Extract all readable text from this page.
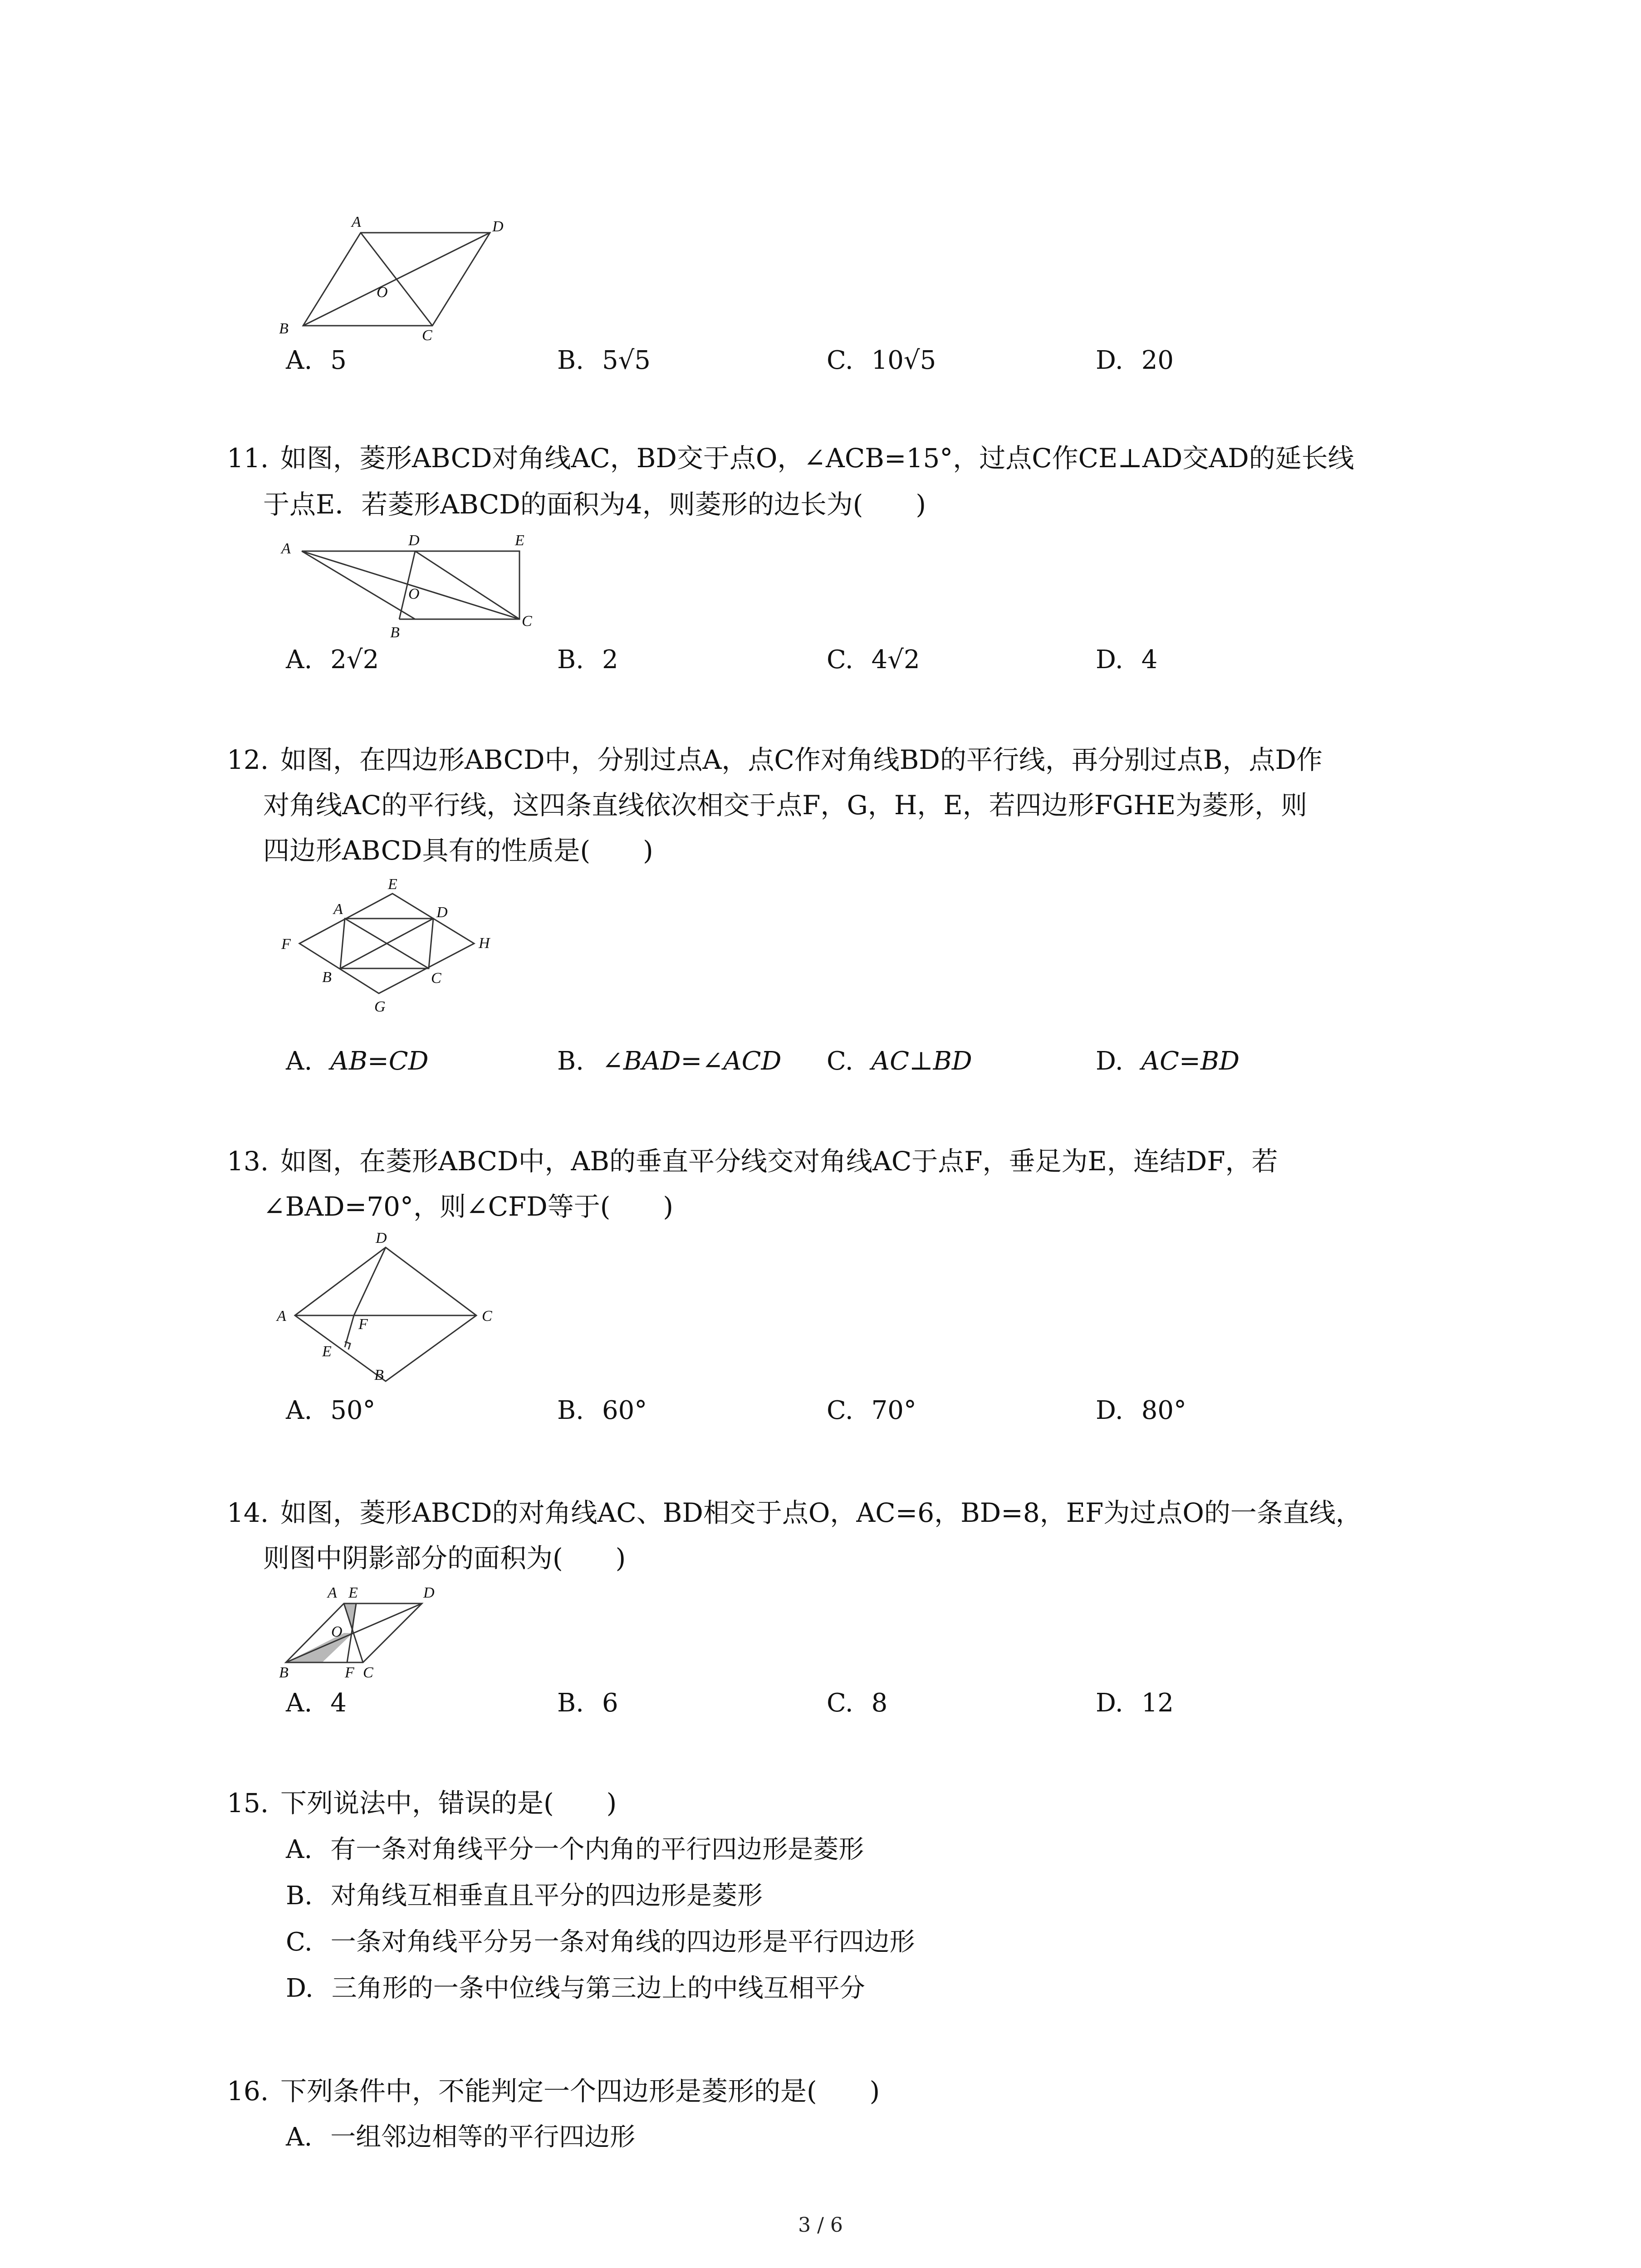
A	D
O
B	C
A. 5	B. 5√5	C. 10√5	D. 20
11. 如图，菱形ABCD对角线AC，BD交于点O，∠ACB=15°，过点C作CE⊥AD交AD的延长线
于点E．若菱形ABCD的面积为4，则菱形的边长为(　　)
A	D	E
O
B
C
A. 2√2	B. 2	C. 4√2	D. 4
12. 如图，在四边形ABCD中，分别过点A，点C作对角线BD的平行线，再分别过点B，点D作
对角线AC的平行线，这四条直线依次相交于点F，G，H，E，若四边形FGHE为菱形，则
四边形ABCD具有的性质是(　　)
E
A	D
F	H
B	C
G
A. AB=CD	B. ∠BAD=∠ACD C. AC⊥BD	D. AC=BD
13. 如图，在菱形ABCD中，AB的垂直平分线交对角线AC于点F，垂足为E，连结DF，若
∠BAD=70°，则∠CFD等于(　　)
D
A	F	C
E
B
A. 50°	B. 60°	C. 70°	D. 80°
14. 如图，菱形ABCD的对角线AC、BD相交于点O，AC=6，BD=8，EF为过点O的一条直线，
则图中阴影部分的面积为(　　)
A E	D
O
B	F C
A. 4	B. 6	C. 8	D. 12
15. 下列说法中，错误的是(　　)
A. 有一条对角线平分一个内角的平行四边形是菱形
B. 对角线互相垂直且平分的四边形是菱形
C. 一条对角线平分另一条对角线的四边形是平行四边形
D. 三角形的一条中位线与第三边上的中线互相平分
16. 下列条件中，不能判定一个四边形是菱形的是(　　)
A. 一组邻边相等的平行四边形
3 / 6
